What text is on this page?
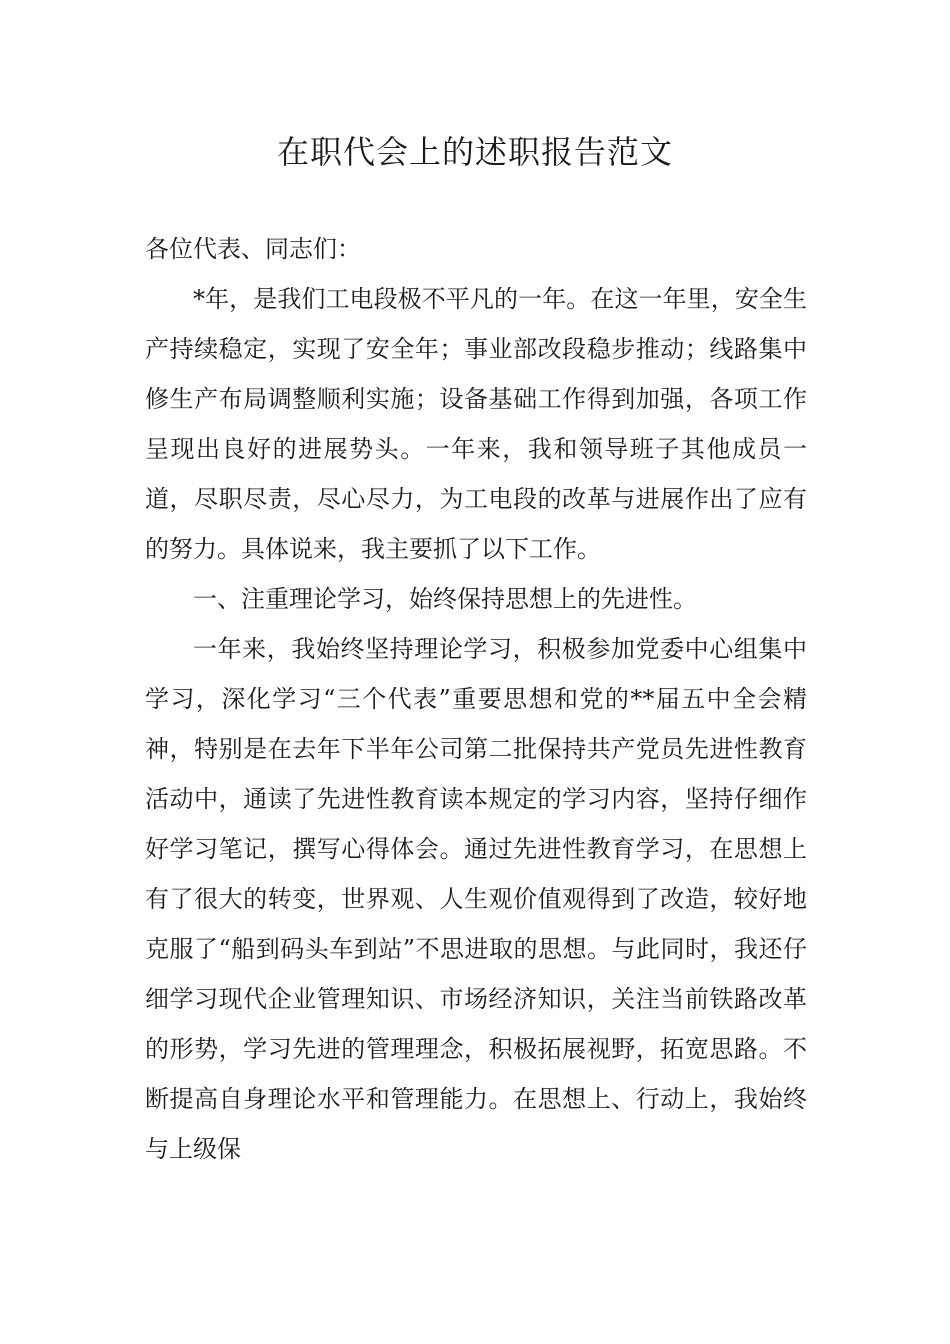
在职代会上的述职报告范文

各位代表、同志们：

*年，是我们工电段极不平凡的一年。在这一年里，安全生产持续稳定，实现了安全年；事业部改段稳步推动；线路集中修生产布局调整顺利实施；设备基础工作得到加强，各项工作呈现出良好的进展势头。一年来，我和领导班子其他成员一道，尽职尽责，尽心尽力，为工电段的改革与进展作出了应有的努力。具体说来，我主要抓了以下工作。

一、注重理论学习，始终保持思想上的先进性。

一年来，我始终坚持理论学习，积极参加党委中心组集中学习，深化学习“三个代表”重要思想和党的**届五中全会精神，特别是在去年下半年公司第二批保持共产党员先进性教育活动中，通读了先进性教育读本规定的学习内容，坚持仔细作好学习笔记，撰写心得体会。通过先进性教育学习，在思想上有了很大的转变，世界观、人生观价值观得到了改造，较好地克服了“船到码头车到站”不思进取的思想。与此同时，我还仔细学习现代企业管理知识、市场经济知识，关注当前铁路改革的形势，学习先进的管理理念，积极拓展视野，拓宽思路。不断提高自身理论水平和管理能力。在思想上、行动上，我始终与上级保
